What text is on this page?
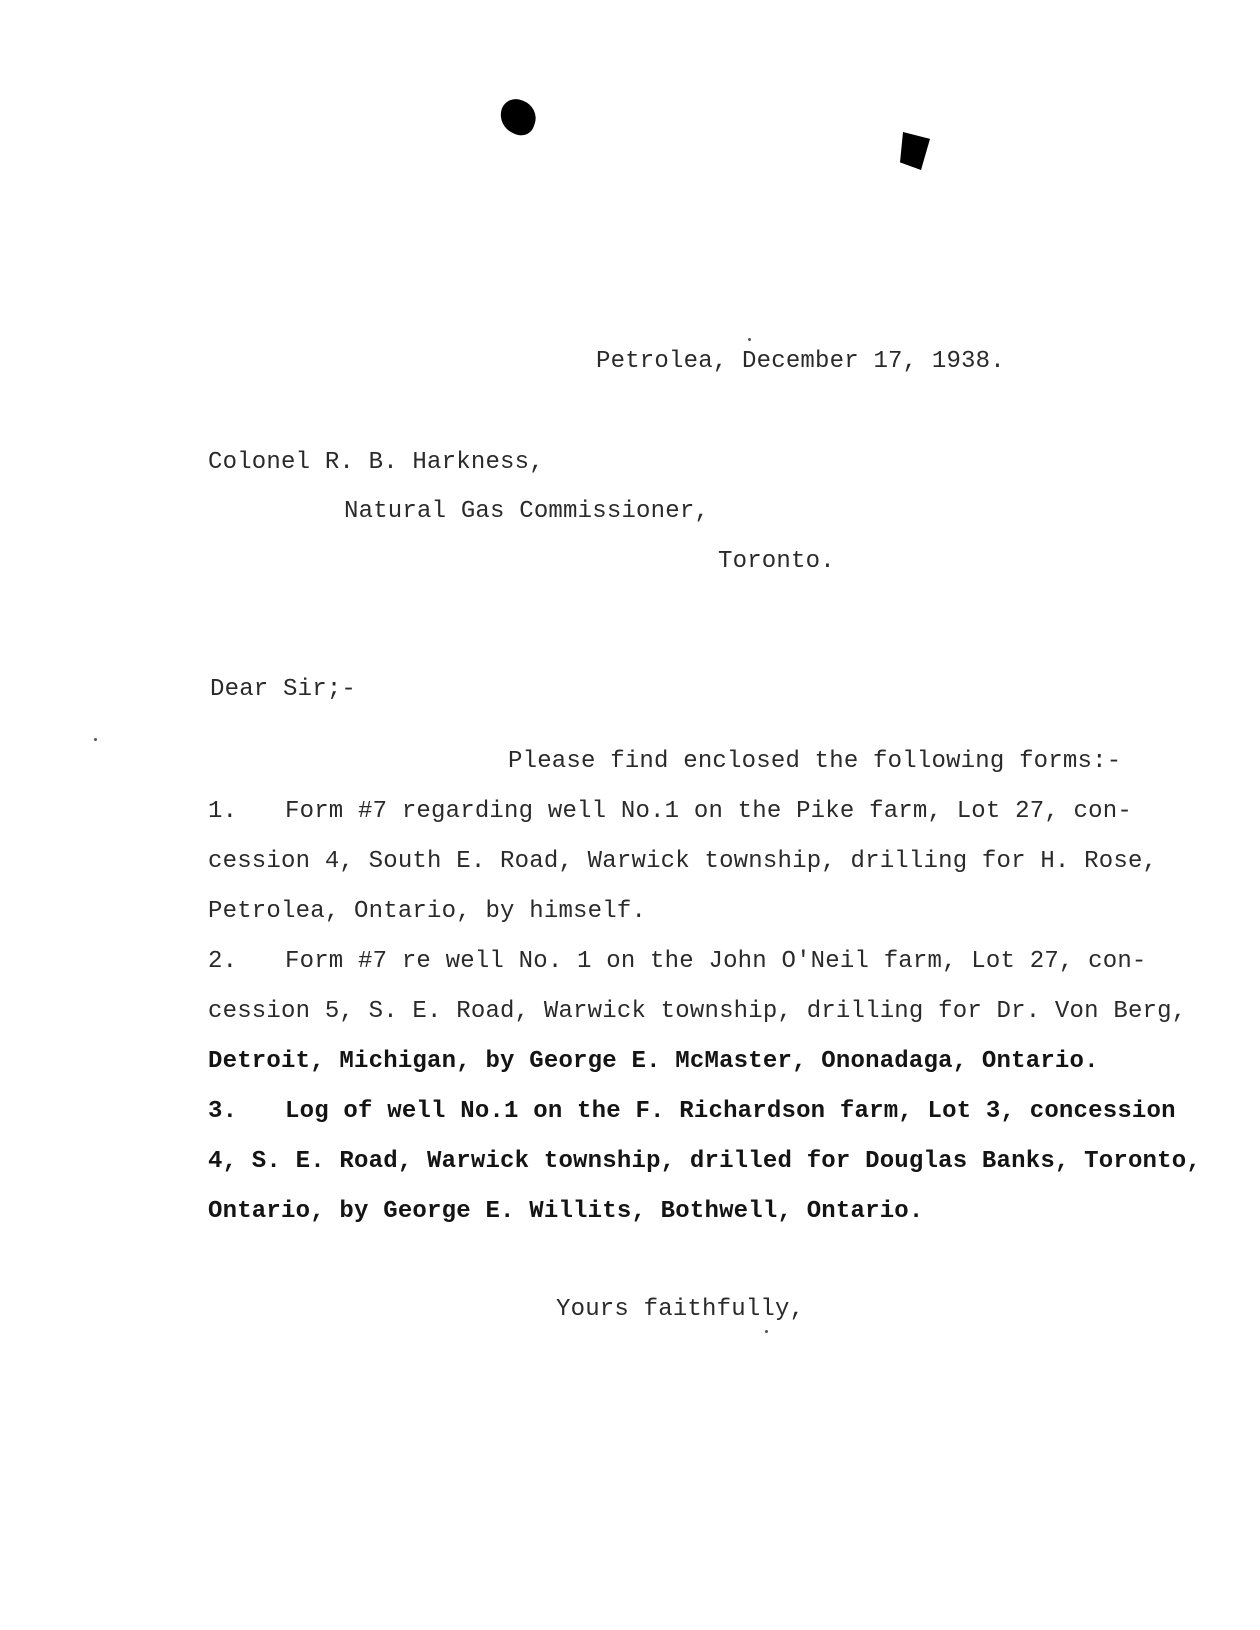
Petrolea, December 17, 1938.
Colonel R. B. Harkness,
Natural Gas Commissioner,
Toronto.
Dear Sir;-
Please find enclosed the following forms:-
1. Form #7 regarding well No.1 on the Pike farm, Lot 27, con-
cession 4, South E. Road, Warwick township, drilling for H. Rose,
Petrolea, Ontario, by himself.
2. Form #7 re well No. 1 on the John O'Neil farm, Lot 27, con-
cession 5, S. E. Road, Warwick township, drilling for Dr. Von Berg,
Detroit, Michigan, by George E. McMaster, Ononadaga, Ontario.
3. Log of well No.1 on the F. Richardson farm, Lot 3, concession
4, S. E. Road, Warwick township, drilled for Douglas Banks, Toronto,
Ontario, by George E. Willits, Bothwell, Ontario.
Yours faithfully,
